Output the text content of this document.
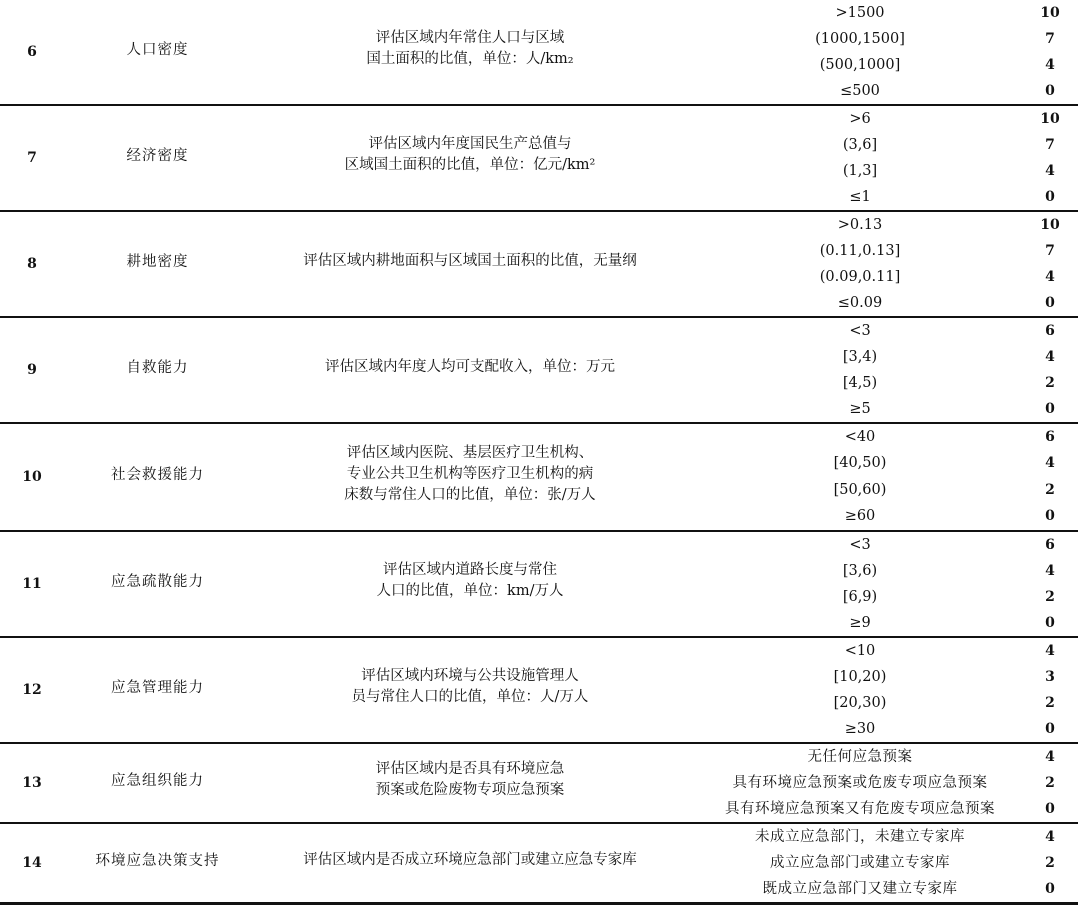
6	人口密度
评估区域内年常住人口与区域
国土面积的比值，单位：人/km₂
>1500	10
(1000,1500]	7
(500,1000]	4
≤500	0
7	经济密度
评估区域内年度国民生产总值与
区域国土面积的比值，单位：亿元/km²
>6	10
(3,6]	7
(1,3]	4
≤1	0
8	耕地密度	评估区域内耕地面积与区域国土面积的比值，无量纲
>0.13	10
(0.11,0.13]	7
(0.09,0.11]	4
≤0.09	0
9	自救能力	评估区域内年度人均可支配收入，单位：万元
<3	6
[3,4)	4
[4,5)	2
≥5	0
10	社会救援能力
评估区域内医院、基层医疗卫生机构、
专业公共卫生机构等医疗卫生机构的病
床数与常住人口的比值，单位：张/万人
<40	6
[40,50)	4
[50,60)	2
≥60	0
11	应急疏散能力
评估区域内道路长度与常住
人口的比值，单位：km/万人
<3	6
[3,6)	4
[6,9)	2
≥9	0
12	应急管理能力
评估区域内环境与公共设施管理人
员与常住人口的比值，单位：人/万人
<10	4
[10,20)	3
[20,30)	2
≥30	0
13	应急组织能力
评估区域内是否具有环境应急
预案或危险废物专项应急预案
无任何应急预案	4
具有环境应急预案或危废专项应急预案	2
具有环境应急预案又有危废专项应急预案	0
14	环境应急决策支持	评估区域内是否成立环境应急部门或建立应急专家库
未成立应急部门，未建立专家库	4
成立应急部门或建立专家库	2
既成立应急部门又建立专家库	0
